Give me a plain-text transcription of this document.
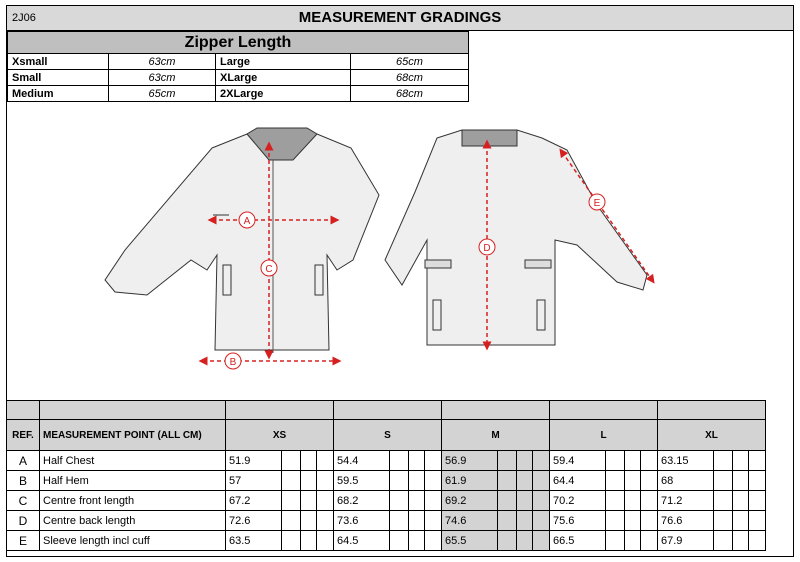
MEASUREMENT GRADINGS
2J06
Zipper Length			
Xsmall	63cm	Large	65cm
Small	63cm	XLarge	68cm
Medium	65cm	2XLarge	68cm
A
B
C
D
E

REF.	MEASUREMENT POINT (ALL CM)	XS				S				M				L				XL			
A	Half Chest	51.9				54.4				56.9				59.4				63.15			
B	Half Hem	57				59.5				61.9				64.4				68			
C	Centre front length	67.2				68.2				69.2				70.2				71.2			
D	Centre back length	72.6				73.6				74.6				75.6				76.6			
E	Sleeve length incl cuff	63.5				64.5				65.5				66.5				67.9			
